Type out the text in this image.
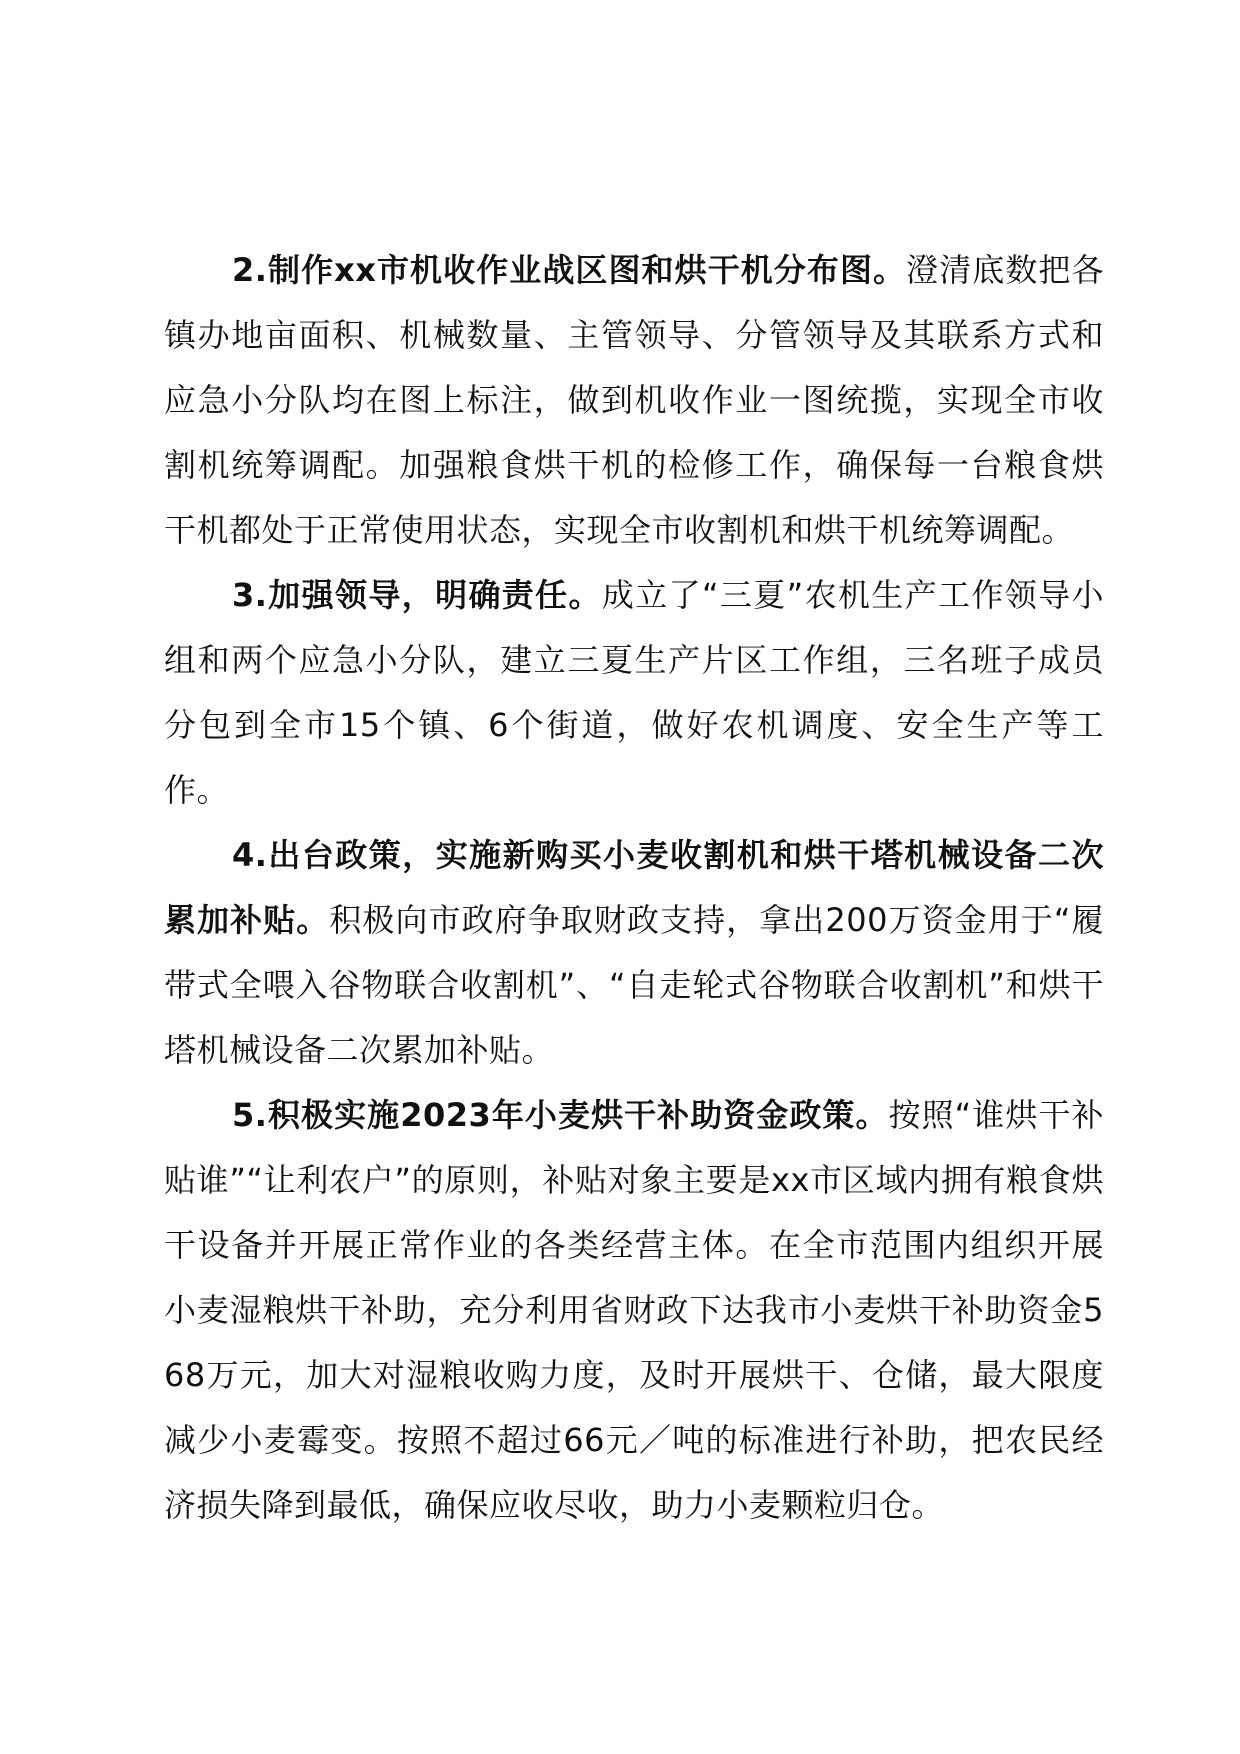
2.制作xx市机收作业战区图和烘干机分布图。澄清底数把各镇办地亩面积、机械数量、主管领导、分管领导及其联系方式和应急小分队均在图上标注，做到机收作业一图统揽，实现全市收割机统筹调配。加强粮食烘干机的检修工作，确保每一台粮食烘干机都处于正常使用状态，实现全市收割机和烘干机统筹调配。

3.加强领导，明确责任。成立了“三夏”农机生产工作领导小组和两个应急小分队，建立三夏生产片区工作组，三名班子成员分包到全市15个镇、6个街道，做好农机调度、安全生产等工作。

4.出台政策，实施新购买小麦收割机和烘干塔机械设备二次累加补贴。积极向市政府争取财政支持，拿出200万资金用于“履带式全喂入谷物联合收割机”、“自走轮式谷物联合收割机”和烘干塔机械设备二次累加补贴。

5.积极实施2023年小麦烘干补助资金政策。按照“谁烘干补贴谁”“让利农户”的原则，补贴对象主要是xx市区域内拥有粮食烘干设备并开展正常作业的各类经营主体。在全市范围内组织开展小麦湿粮烘干补助，充分利用省财政下达我市小麦烘干补助资金568万元，加大对湿粮收购力度，及时开展烘干、仓储，最大限度减少小麦霉变。按照不超过66元／吨的标准进行补助，把农民经济损失降到最低，确保应收尽收，助力小麦颗粒归仓。
